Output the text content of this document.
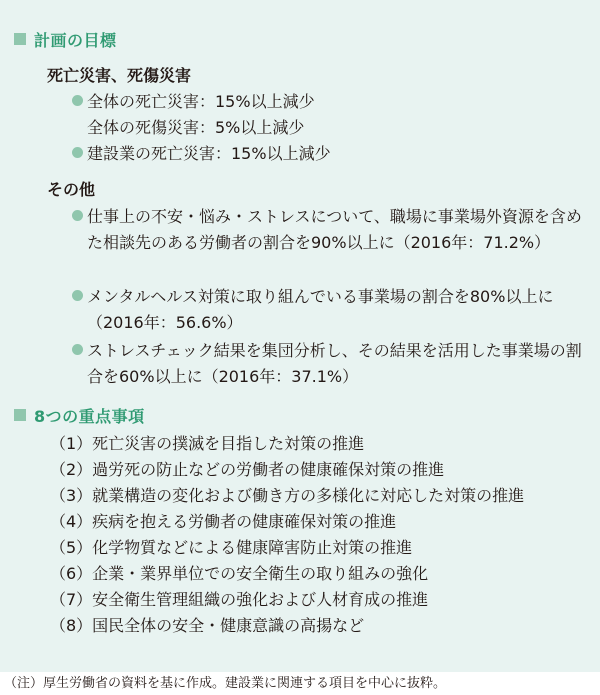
計画の目標
死亡災害、死傷災害
全体の死亡災害：15%以上減少
全体の死傷災害：5%以上減少
建設業の死亡災害：15%以上減少
その他
仕事上の不安・悩み・ストレスについて、職場に事業場外資源を含めた相談先のある労働者の割合を90%以上に（2016年：71.2%）
メンタルヘルス対策に取り組んでいる事業場の割合を80%以上に（2016年：56.6%）
ストレスチェック結果を集団分析し、その結果を活用した事業場の割合を60%以上に（2016年：37.1%）
8つの重点事項
（1）死亡災害の撲滅を目指した対策の推進
（2）過労死の防止などの労働者の健康確保対策の推進
（3）就業構造の変化および働き方の多様化に対応した対策の推進
（4）疾病を抱える労働者の健康確保対策の推進
（5）化学物質などによる健康障害防止対策の推進
（6）企業・業界単位での安全衛生の取り組みの強化
（7）安全衛生管理組織の強化および人材育成の推進
（8）国民全体の安全・健康意識の高揚など
（注）厚生労働省の資料を基に作成。建設業に関連する項目を中心に抜粋。
